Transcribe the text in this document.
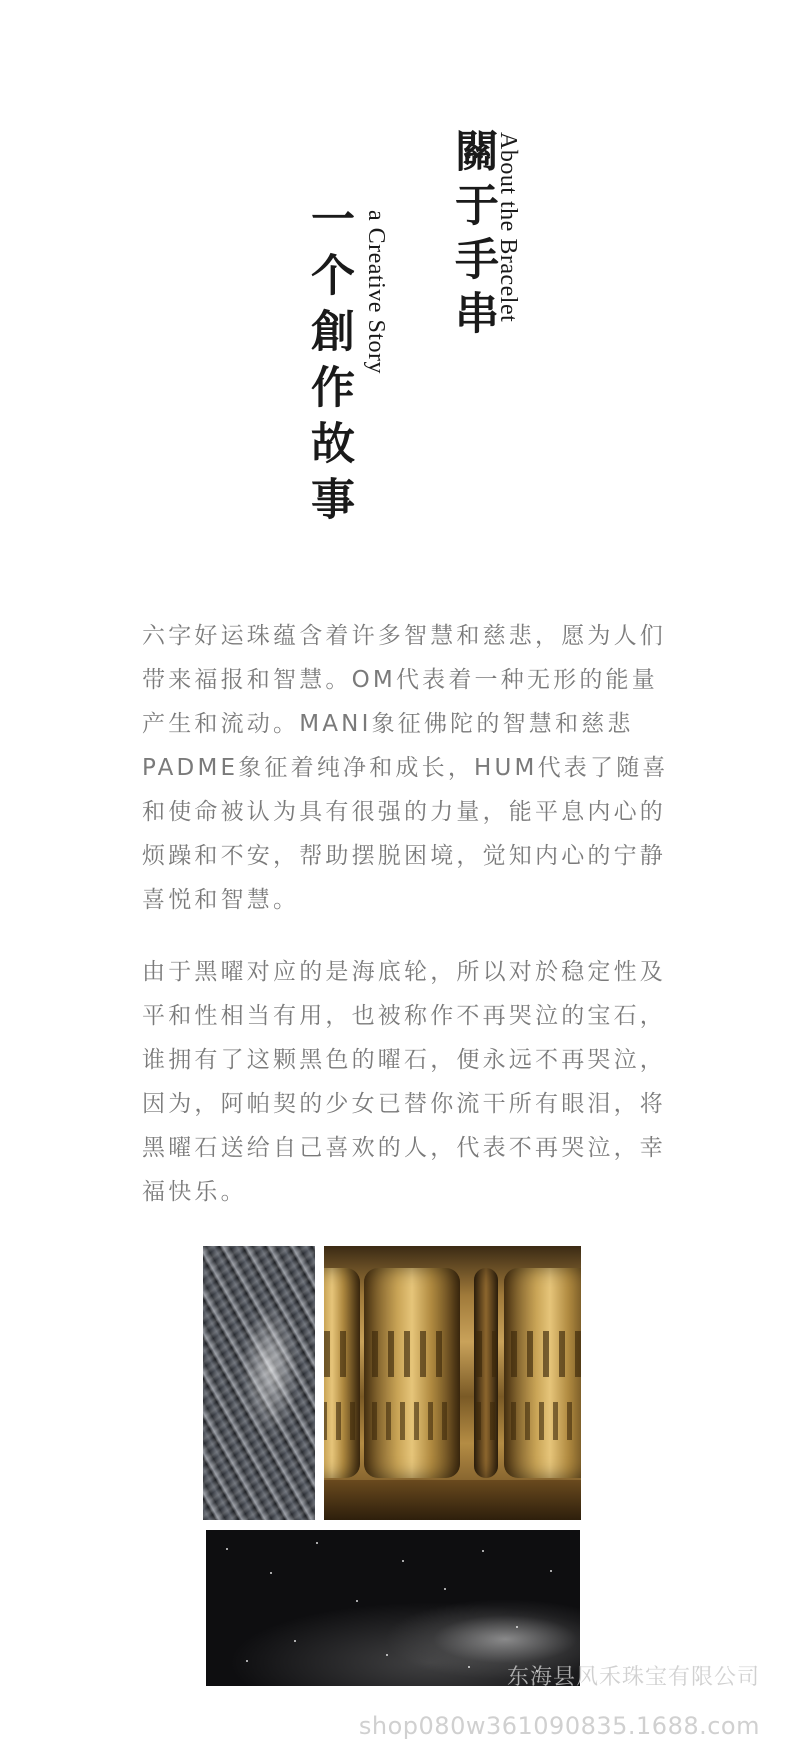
About the Bracelet
關于手串
a Creative Story
一个創作故事

六字好运珠蕴含着许多智慧和慈悲，愿为人们带来福报和智慧。OM代表着一种无形的能量产生和流动。MANI象征佛陀的智慧和慈悲PADME象征着纯净和成长，HUM代表了随喜和使命被认为具有很强的力量，能平息内心的烦躁和不安，帮助摆脱困境，觉知内心的宁静喜悦和智慧。

由于黑曜对应的是海底轮，所以对於稳定性及平和性相当有用，也被称作不再哭泣的宝石，谁拥有了这颗黑色的曜石，便永远不再哭泣，因为，阿帕契的少女已替你流干所有眼泪，将黑曜石送给自己喜欢的人，代表不再哭泣，幸福快乐。

东海县风禾珠宝有限公司
shop080w361090835.1688.com
